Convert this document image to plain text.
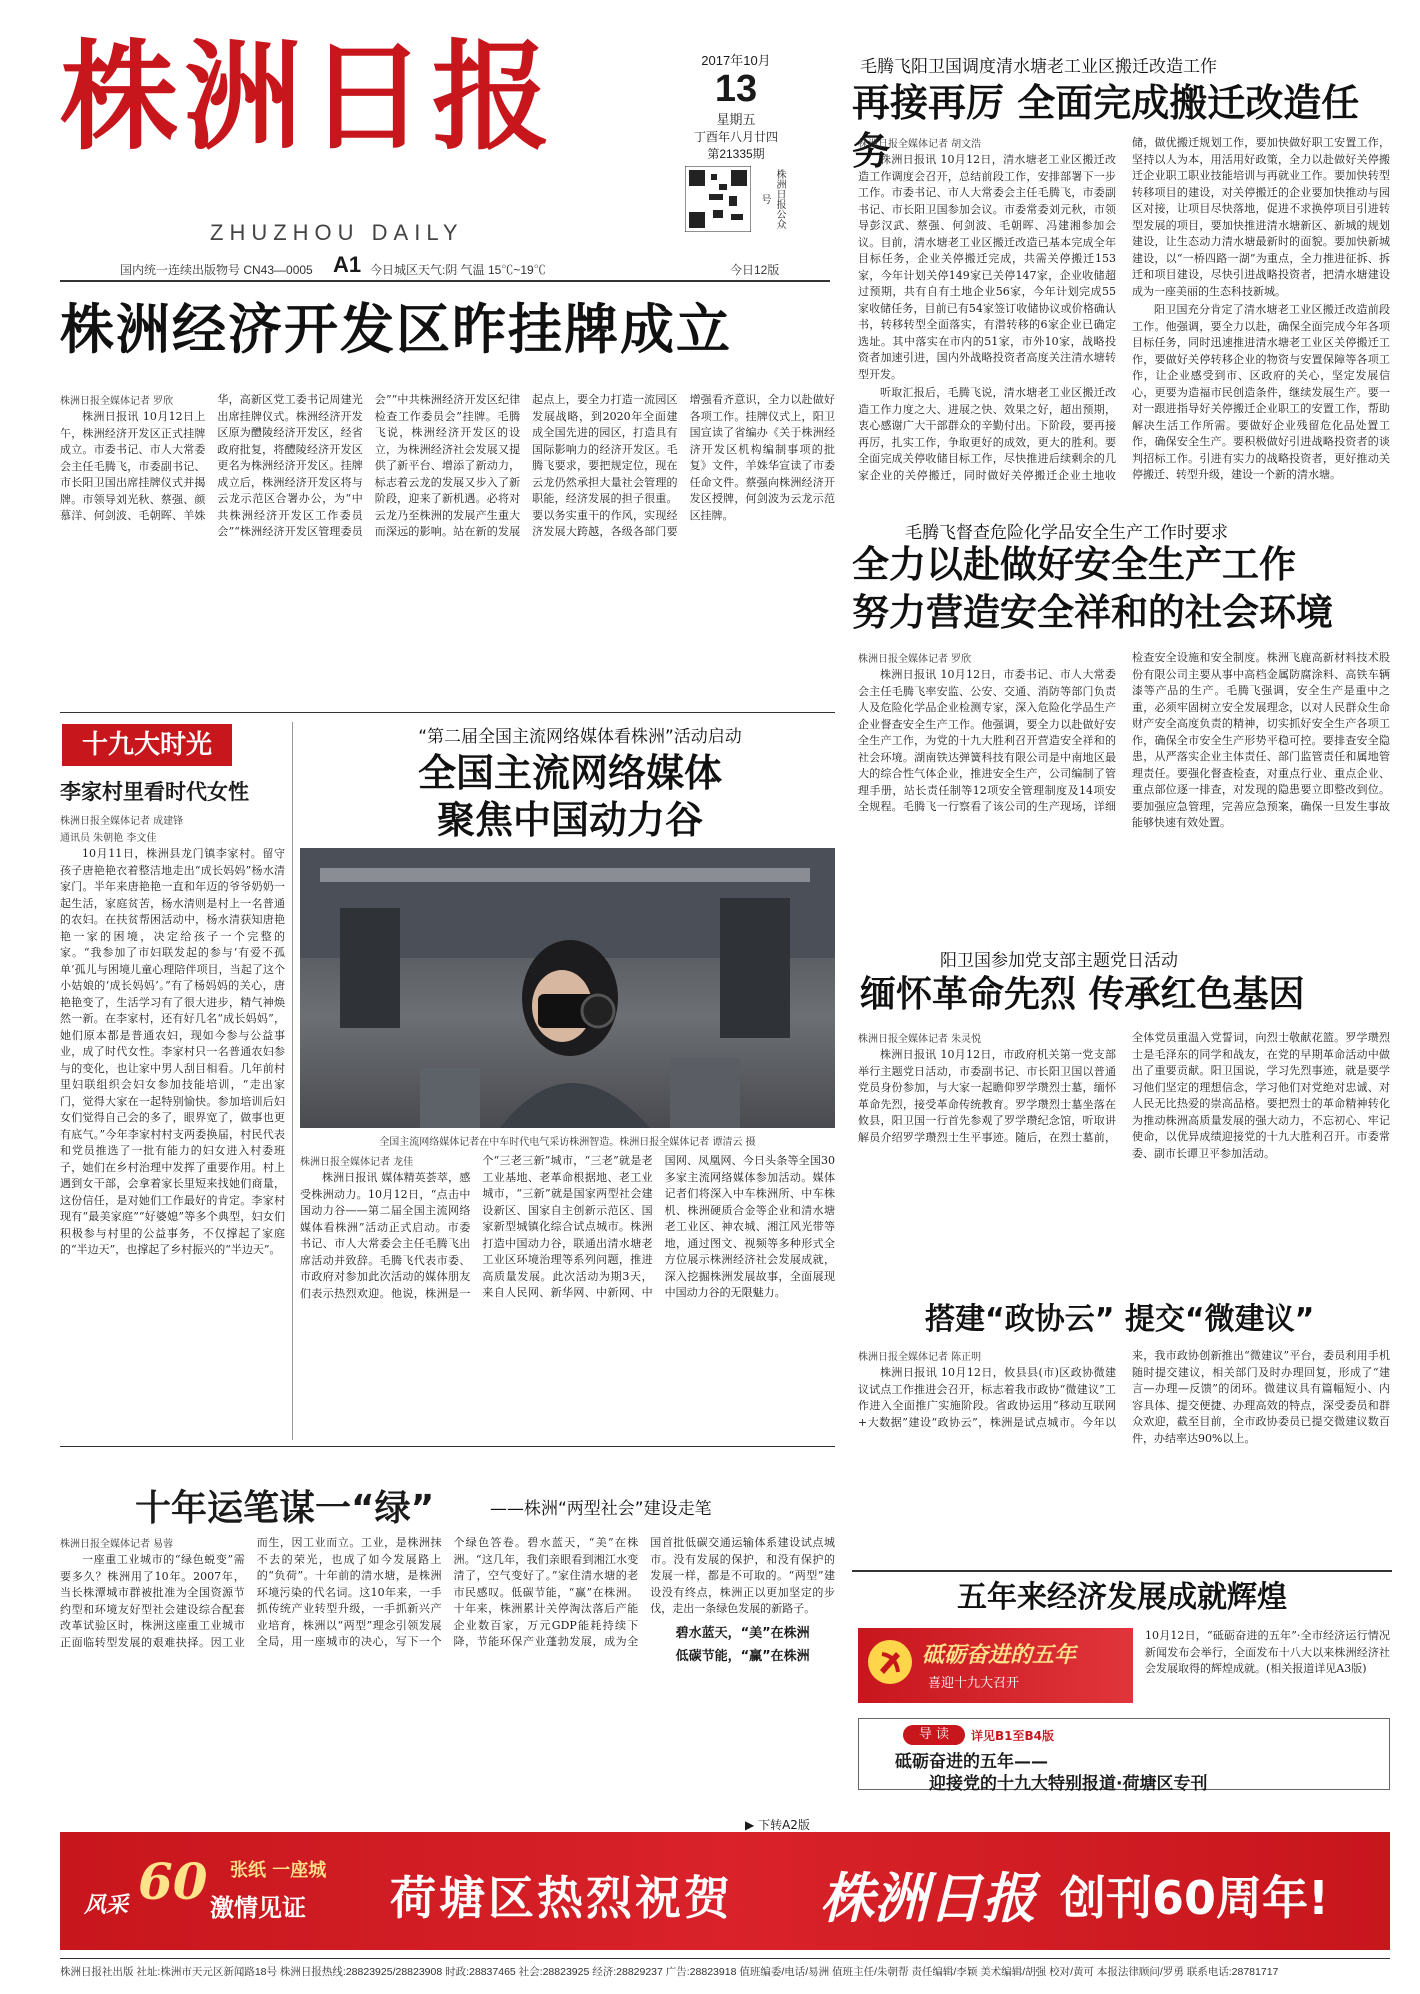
株洲日报
ZHUZHOU DAILY
2017年10月
13
星期五
丁酉年八月廿四
第21335期
株洲日报公众号
国内统一连续出版物号 CN43—0005 A1 今日城区天气:阴 气温 15℃~19℃	今日12版
毛腾飞阳卫国调度清水塘老工业区搬迁改造工作
再接再厉 全面完成搬迁改造任务
株洲日报全媒体记者 胡文浩

株洲日报讯 10月12日，清水塘老工业区搬迁改造工作调度会召开，总结前段工作，安排部署下一步工作。市委书记、市人大常委会主任毛腾飞，市委副书记、市长阳卫国参加会议。市委常委刘元秋，市领导彭汉武、蔡强、何剑波、毛朝晖、冯建湘参加会议。目前，清水塘老工业区搬迁改造已基本完成全年目标任务，企业关停搬迁完成，共需关停搬迁153家，今年计划关停149家已关停147家，企业收储超过预期，共有自有土地企业56家，今年计划完成55家收储任务，目前已有54家签订收储协议或价格确认书，转移转型全面落实，有潜转移的6家企业已确定选址。其中落实在市内的51家，市外10家，战略投资者加速引进，国内外战略投资者高度关注清水塘转型开发。

听取汇报后，毛腾飞说，清水塘老工业区搬迁改造工作力度之大、进展之快、效果之好，超出预期，衷心感谢广大干部群众的辛勤付出。下阶段，要再接再厉，扎实工作，争取更好的成效，更大的胜利。要全面完成关停收储目标工作，尽快推进后续剩余的几家企业的关停搬迁，同时做好关停搬迁企业土地收储，做优搬迁规划工作，要加快做好职工安置工作，坚持以人为本，用活用好政策，全力以赴做好关停搬迁企业职工职业技能培训与再就业工作。要加快转型转移项目的建设，对关停搬迁的企业要加快推动与园区对接，让项目尽快落地，促进不求换停项目引进转型发展的项目，要加快推进清水塘新区、新城的规划建设，让生态动力清水塘最新时的面貌。要加快新城建设，以“一桥四路一湖”为重点，全力推进征拆、拆迁和项目建设，尽快引进战略投资者，把清水塘建设成为一座美丽的生态科技新城。

阳卫国充分肯定了清水塘老工业区搬迁改造前段工作。他强调，要全力以赴，确保全面完成今年各项目标任务，同时迅速推进清水塘老工业区关停搬迁工作，要做好关停转移企业的物资与安置保障等各项工作，让企业感受到市、区政府的关心，坚定发展信心，更要为造福市民创造条件，继续发展生产。要一对一跟进指导好关停搬迁企业职工的安置工作，帮助解决生活工作所需。要做好企业残留危化品处置工作，确保安全生产。要积极做好引进战略投资者的谈判招标工作。引进有实力的战略投资者，更好推动关停搬迁、转型升级，建设一个新的清水塘。

株洲经济开发区昨挂牌成立
株洲日报全媒体记者 罗欣

株洲日报讯 10月12日上午，株洲经济开发区正式挂牌成立。市委书记、市人大常委会主任毛腾飞，市委副书记、市长阳卫国出席挂牌仪式并揭牌。市领导刘光秋、蔡强、颜慕洋、何剑波、毛朝晖、羊姝华，高新区党工委书记周建光出席挂牌仪式。株洲经济开发区原为醴陵经济开发区，经省政府批复，将醴陵经济开发区更名为株洲经济开发区。挂牌成立后，株洲经济开发区将与云龙示范区合署办公，为“中共株洲经济开发区工作委员会”“株洲经济开发区管理委员会”“中共株洲经济开发区纪律检查工作委员会”挂牌。毛腾飞说，株洲经济开发区的设立，为株洲经济社会发展又提供了新平台、增添了新动力，标志着云龙的发展又步入了新阶段，迎来了新机遇。必将对云龙乃至株洲的发展产生重大而深远的影响。站在新的发展起点上，要全力打造一流园区发展战略，到2020年全面建成全国先进的园区，打造具有国际影响力的经济开发区。毛腾飞要求，要把规定位，现在云龙仍然承担大量社会管理的职能，经济发展的担子很重。要以务实重干的作风，实现经济发展大跨越，各级各部门要增强看齐意识，全力以赴做好各项工作。挂牌仪式上，阳卫国宣读了省编办《关于株洲经济开发区机构编制事项的批复》文件，羊姝华宣读了市委任命文件。蔡强向株洲经济开发区授牌，何剑波为云龙示范区挂牌。

毛腾飞督查危险化学品安全生产工作时要求
全力以赴做好安全生产工作
努力营造安全祥和的社会环境
株洲日报全媒体记者 罗欣

株洲日报讯 10月12日，市委书记、市人大常委会主任毛腾飞率安监、公安、交通、消防等部门负责人及危险化学品企业检测专家，深入危险化学品生产企业督查安全生产工作。他强调，要全力以赴做好安全生产工作，为党的十九大胜利召开营造安全祥和的社会环境。湖南铁达弹簧科技有限公司是中南地区最大的综合性气体企业，推进安全生产，公司编制了管理手册，站长责任制等12项安全管理制度及14项安全规程。毛腾飞一行察看了该公司的生产现场，详细检查安全设施和安全制度。株洲飞鹿高新材料技术股份有限公司主要从事中高档金属防腐涂料、高铁车辆漆等产品的生产。毛腾飞强调，安全生产是重中之重，必须牢固树立安全发展理念，以对人民群众生命财产安全高度负责的精神，切实抓好安全生产各项工作，确保全市安全生产形势平稳可控。要排查安全隐患，从严落实企业主体责任、部门监管责任和属地管理责任。要强化督查检查，对重点行业、重点企业、重点部位逐一排查，对发现的隐患要立即整改到位。要加强应急管理，完善应急预案，确保一旦发生事故能够快速有效处置。

十九大时光
李家村里看时代女性
株洲日报全媒体记者 成建锋
通讯员 朱朝艳 李文佳

10月11日，株洲县龙门镇李家村。留守孩子唐艳艳衣着整洁地走出“成长妈妈”杨水清家门。半年来唐艳艳一直和年迈的爷爷奶奶一起生活，家庭贫苦，杨水清则是村上一名普通的农妇。在扶贫帮困活动中，杨水清获知唐艳艳一家的困境，决定给孩子一个完整的家。“我参加了市妇联发起的参与‘有爱不孤单’孤儿与困境儿童心理陪伴项目，当起了这个小姑娘的‘成长妈妈’。”有了杨妈妈的关心，唐艳艳变了，生活学习有了很大进步，精气神焕然一新。在李家村，还有好几名“成长妈妈”，她们原本都是普通农妇，现如今参与公益事业，成了时代女性。李家村只一名普通农妇参与的变化，也让家中男人刮目相看。几年前村里妇联组织会妇女参加技能培训，“走出家门，觉得大家在一起特别愉快。参加培训后妇女们觉得自己会的多了，眼界宽了，做事也更有底气。”今年李家村村支两委换届，村民代表和党员推选了一批有能力的妇女进入村委班子，她们在乡村治理中发挥了重要作用。村上遇到女干部，会拿着家长里短来找她们商量，这份信任，是对她们工作最好的肯定。李家村现有“最美家庭”“好婆媳”等多个典型，妇女们积极参与村里的公益事务，不仅撑起了家庭的“半边天”，也撑起了乡村振兴的“半边天”。

“第二届全国主流网络媒体看株洲”活动启动
全国主流网络媒体
聚焦中国动力谷
全国主流网络媒体记者在中车时代电气采访株洲智造。株洲日报全媒体记者 谭清云 摄
株洲日报全媒体记者 龙佳

株洲日报讯 媒体精英荟萃，感受株洲动力。10月12日，“点击中国动力谷——第二届全国主流网络媒体看株洲”活动正式启动。市委书记、市人大常委会主任毛腾飞出席活动并致辞。毛腾飞代表市委、市政府对参加此次活动的媒体朋友们表示热烈欢迎。他说，株洲是一个“三老三新”城市，“三老”就是老工业基地、老革命根据地、老工业城市，“三新”就是国家两型社会建设新区、国家自主创新示范区、国家新型城镇化综合试点城市。株洲打造中国动力谷，联通出清水塘老工业区环境治理等系列问题，推进高质量发展。此次活动为期3天，来自人民网、新华网、中新网、中国网、凤凰网、今日头条等全国30多家主流网络媒体参加活动。媒体记者们将深入中车株洲所、中车株机、株洲硬质合金等企业和清水塘老工业区、神农城、湘江风光带等地，通过图文、视频等多种形式全方位展示株洲经济社会发展成就，深入挖掘株洲发展故事，全面展现中国动力谷的无限魅力。

阳卫国参加党支部主题党日活动
缅怀革命先烈 传承红色基因
株洲日报全媒体记者 朱灵悦

株洲日报讯 10月12日，市政府机关第一党支部举行主题党日活动，市委副书记、市长阳卫国以普通党员身份参加，与大家一起瞻仰罗学瓒烈士墓，缅怀革命先烈，接受革命传统教育。罗学瓒烈士墓坐落在攸县，阳卫国一行首先参观了罗学瓒纪念馆，听取讲解员介绍罗学瓒烈士生平事迹。随后，在烈士墓前，全体党员重温入党誓词，向烈士敬献花篮。罗学瓒烈士是毛泽东的同学和战友，在党的早期革命活动中做出了重要贡献。阳卫国说，学习先烈事迹，就是要学习他们坚定的理想信念，学习他们对党绝对忠诚、对人民无比热爱的崇高品格。要把烈士的革命精神转化为推动株洲高质量发展的强大动力，不忘初心、牢记使命，以优异成绩迎接党的十九大胜利召开。市委常委、副市长谭卫平参加活动。

搭建“政协云” 提交“微建议”
株洲日报全媒体记者 陈正明

株洲日报讯 10月12日，攸县县(市)区政协微建议试点工作推进会召开，标志着我市政协“微建议”工作进入全面推广实施阶段。省政协运用“移动互联网+大数据”建设“政协云”，株洲是试点城市。今年以来，我市政协创新推出“微建议”平台，委员利用手机随时提交建议，相关部门及时办理回复，形成了“建言—办理—反馈”的闭环。微建议具有篇幅短小、内容具体、提交便捷、办理高效的特点，深受委员和群众欢迎，截至目前，全市政协委员已提交微建议数百件，办结率达90%以上。

十年运笔谋一“绿”	——株洲“两型社会”建设走笔
株洲日报全媒体记者 易蓉

一座重工业城市的“绿色蜕变”需要多久？株洲用了10年。2007年，当长株潭城市群被批准为全国资源节约型和环境友好型社会建设综合配套改革试验区时，株洲这座重工业城市正面临转型发展的艰难抉择。因工业而生，因工业而立。工业，是株洲抹不去的荣光，也成了如今发展路上的“负荷”。十年前的清水塘，是株洲环境污染的代名词。这10年来，一手抓传统产业转型升级，一手抓新兴产业培育，株洲以“两型”理念引领发展全局，用一座城市的决心，写下一个个绿色答卷。碧水蓝天，“美”在株洲。“这几年，我们亲眼看到湘江水变清了，空气变好了。”家住清水塘的老市民感叹。低碳节能，“赢”在株洲。十年来，株洲累计关停淘汰落后产能企业数百家，万元GDP能耗持续下降，节能环保产业蓬勃发展，成为全国首批低碳交通运输体系建设试点城市。没有发展的保护，和没有保护的发展一样，都是不可取的。“两型”建设没有终点，株洲正以更加坚定的步伐，走出一条绿色发展的新路子。

碧水蓝天，“美”在株洲
低碳节能，“赢”在株洲
▶ 下转A2版
五年来经济发展成就辉煌
砥砺奋进的五年
喜迎十九大召开
10月12日，“砥砺奋进的五年”·全市经济运行情况新闻发布会举行，全面发布十八大以来株洲经济社会发展取得的辉煌成就。(相关报道详见A3版)
导 读	详见B1至B4版
砥砺奋进的五年——
迎接党的十九大特别报道·荷塘区专刊
风采 60 张纸 一座城
激情见证 荷塘区热烈祝贺 株洲日报 创刊60周年!
株洲日报社出版 社址:株洲市天元区新闻路18号 株洲日报热线:28823925/28823908 时政:28837465 社会:28823925 经济:28829237 广告:28823918 值班编委/电话/易洲 值班主任/朱朝帮 责任编辑/李颖 美术编辑/胡强 校对/黄可 本报法律顾问/罗勇 联系电话:28781717
